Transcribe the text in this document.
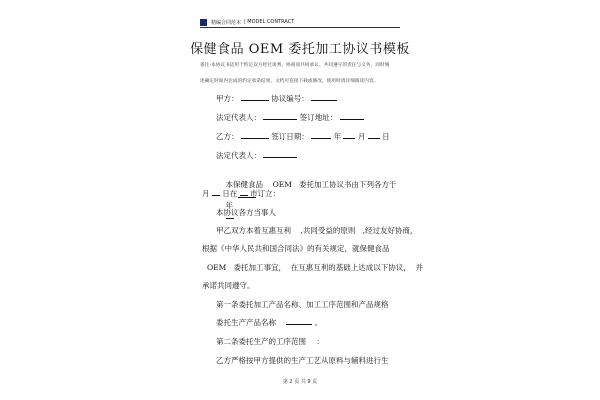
精编合同范本 | MODEL CONTRACT
保健食品 OEM 委托加工协议书模板
备注:本协议书适用于约定双方经过谈判、协商而共同承认、共同遵守的责任与义务，同时阐
述确定时间内达成的约定承诺结果，文档可直接下载或修改，使用时请详细阅读内容。
甲方：	协议编号：
法定代表人：	签订地址：
乙方：	签订日期：	年 月 日
法定代表人：

本保健食品    OEM   委托加工协议书由下列各方于

年

月 日在 市订立：
本协议各方当事人
甲乙双方本着互惠互利    ,共同受益的原则   ,经过友好协商，
根据《中华人民共和国合同法》的有关规定，就保健食品
OEM   委托加工事宜，  在互惠互利的基础上达成以下协议，  并
承诺共同遵守。
第一条委托加工产品名称、加工工序范围和产品规格
委托生产产品名称	。
第二条委托生产的工序范围 ：
乙方严格按甲方提供的生产工艺从原料与辅料进行生
第 2 页 共 9 页
